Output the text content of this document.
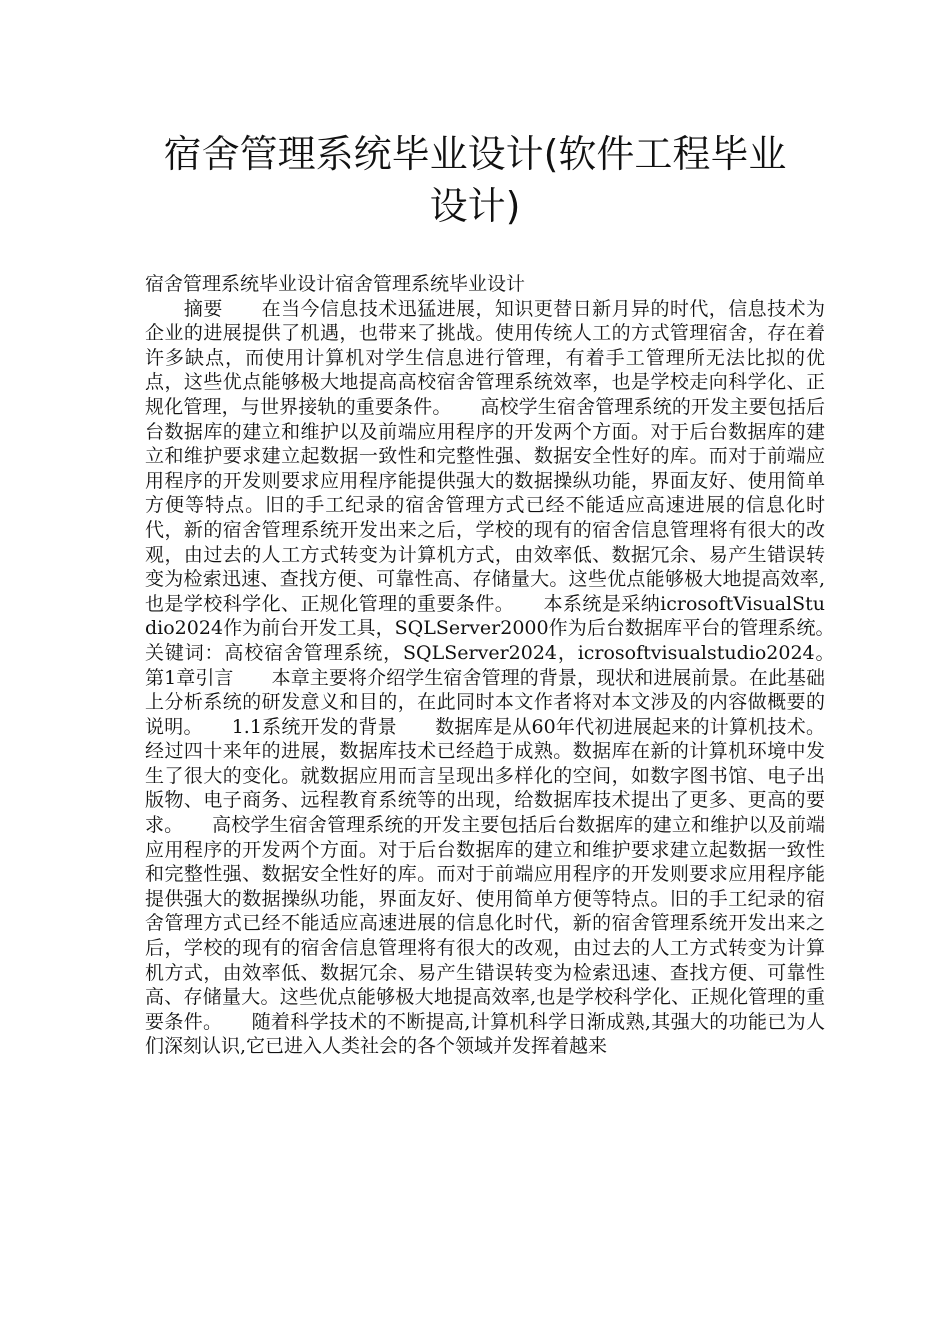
宿舍管理系统毕业设计(软件工程毕业设计)

宿舍管理系统毕业设计宿舍管理系统毕业设计
　　摘要　　在当今信息技术迅猛进展，知识更替日新月异的时代，信息技术为企业的进展提供了机遇，也带来了挑战。使用传统人工的方式管理宿舍，存在着许多缺点，而使用计算机对学生信息进行管理，有着手工管理所无法比拟的优点，这些优点能够极大地提高高校宿舍管理系统效率，也是学校走向科学化、正规化管理，与世界接轨的重要条件。　　高校学生宿舍管理系统的开发主要包括后台数据库的建立和维护以及前端应用程序的开发两个方面。对于后台数据库的建立和维护要求建立起数据一致性和完整性强、数据安全性好的库。而对于前端应用程序的开发则要求应用程序能提供强大的数据操纵功能，界面友好、使用简单方便等特点。旧的手工纪录的宿舍管理方式已经不能适应高速进展的信息化时代，新的宿舍管理系统开发出来之后，学校的现有的宿舍信息管理将有很大的改观，由过去的人工方式转变为计算机方式，由效率低、数据冗余、易产生错误转变为检索迅速、查找方便、可靠性高、存储量大。这些优点能够极大地提高效率,也是学校科学化、正规化管理的重要条件。　　本系统是采纳icrosoftVisualStudio2024作为前台开发工具，SQLServer2000作为后台数据库平台的管理系统。　　关键词：高校宿舍管理系统，SQLServer2024，icrosoftvisualstudio2024。　　第1章引言　　本章主要将介绍学生宿舍管理的背景，现状和进展前景。在此基础上分析系统的研发意义和目的，在此同时本文作者将对本文涉及的内容做概要的说明。　　1.1系统开发的背景　　数据库是从60年代初进展起来的计算机技术。经过四十来年的进展，数据库技术已经趋于成熟。数据库在新的计算机环境中发生了很大的变化。就数据应用而言呈现出多样化的空间，如数字图书馆、电子出版物、电子商务、远程教育系统等的出现，给数据库技术提出了更多、更高的要求。　　高校学生宿舍管理系统的开发主要包括后台数据库的建立和维护以及前端应用程序的开发两个方面。对于后台数据库的建立和维护要求建立起数据一致性和完整性强、数据安全性好的库。而对于前端应用程序的开发则要求应用程序能提供强大的数据操纵功能，界面友好、使用简单方便等特点。旧的手工纪录的宿舍管理方式已经不能适应高速进展的信息化时代，新的宿舍管理系统开发出来之后，学校的现有的宿舍信息管理将有很大的改观，由过去的人工方式转变为计算机方式，由效率低、数据冗余、易产生错误转变为检索迅速、查找方便、可靠性高、存储量大。这些优点能够极大地提高效率,也是学校科学化、正规化管理的重要条件。　　随着科学技术的不断提高,计算机科学日渐成熟,其强大的功能已为人们深刻认识,它已进入人类社会的各个领域并发挥着越来
